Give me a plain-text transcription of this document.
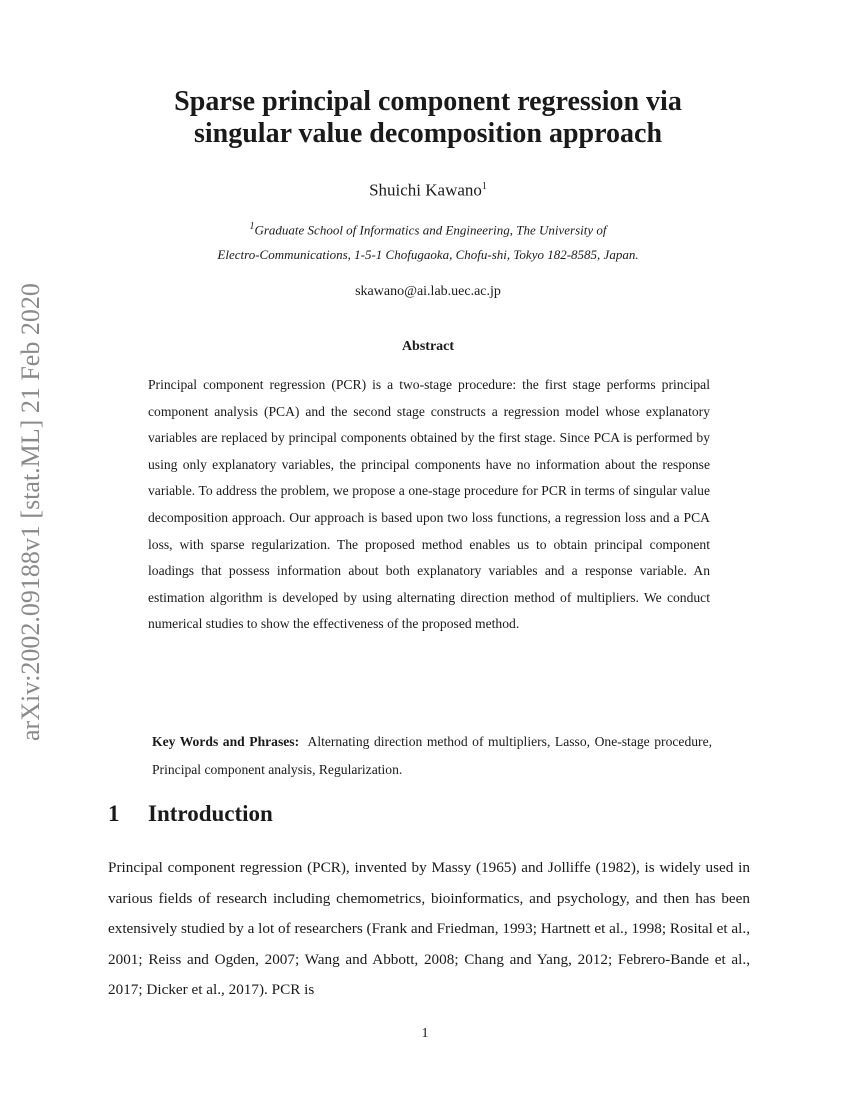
arXiv:2002.09188v1 [stat.ML] 21 Feb 2020
Sparse principal component regression via
singular value decomposition approach
Shuichi Kawano$^1$
$^1$Graduate School of Informatics and Engineering, The University of
Electro-Communications, 1-5-1 Chofugaoka, Chofu-shi, Tokyo 182-8585, Japan.
skawano@ai.lab.uec.ac.jp
Abstract

Principal component regression (PCR) is a two-stage procedure: the first stage performs principal component analysis (PCA) and the second stage constructs a regression model whose explanatory variables are replaced by principal components obtained by the first stage. Since PCA is performed by using only explanatory variables, the principal components have no information about the response variable. To address the problem, we propose a one-stage procedure for PCR in terms of singular value decomposition approach. Our approach is based upon two loss functions, a regression loss and a PCA loss, with sparse regularization. The proposed method enables us to obtain principal component loadings that possess information about both explanatory variables and a response variable. An estimation algorithm is developed by using alternating direction method of multipliers. We conduct numerical studies to show the effectiveness of the proposed method.

Key Words and Phrases: Alternating direction method of multipliers, Lasso, One-stage procedure, Principal component analysis, Regularization.
1 Introduction

Principal component regression (PCR), invented by Massy (1965) and Jolliffe (1982), is widely used in various fields of research including chemometrics, bioinformatics, and psychology, and then has been extensively studied by a lot of researchers (Frank and Friedman, 1993; Hartnett et al., 1998; Rosital et al., 2001; Reiss and Ogden, 2007; Wang and Abbott, 2008; Chang and Yang, 2012; Febrero-Bande et al., 2017; Dicker et al., 2017). PCR is

1
